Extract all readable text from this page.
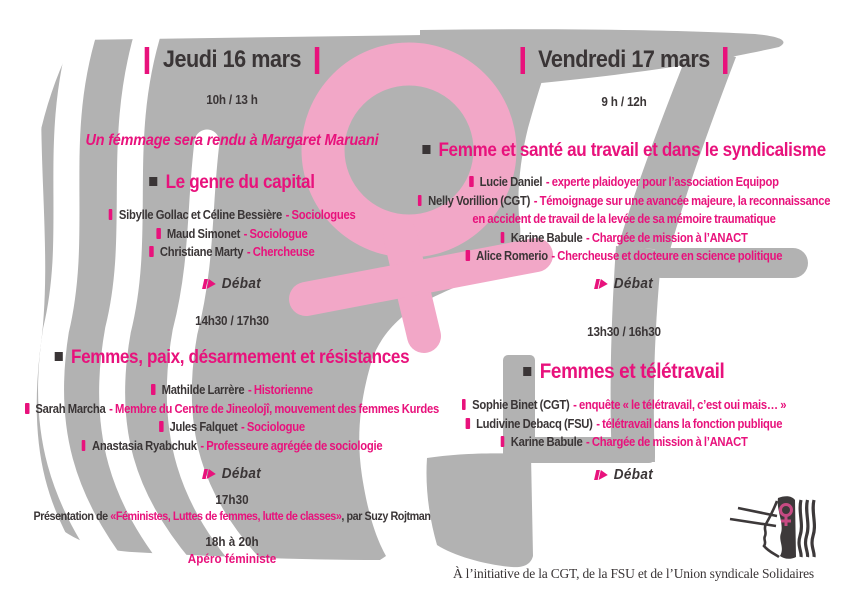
Jeudi 16 mars
10h / 13 h
Un fémmage sera rendu à Margaret Maruani
Le genre du capital
Sibylle Gollac et Céline Bessière - Sociologues
Maud Simonet - Sociologue
Christiane Marty - Chercheuse
Débat
14h30 / 17h30
Femmes, paix, désarmement et résistances
Mathilde Larrère - Historienne
Sarah Marcha - Membre du Centre de Jineolojî, mouvement des femmes Kurdes
Jules Falquet - Sociologue
Anastasia Ryabchuk - Professeure agrégée de sociologie
Débat
17h30
Présentation de «Féministes, Luttes de femmes, lutte de classes», par Suzy Rojtman
18h à 20h
Apéro féministe
Vendredi 17 mars
9 h / 12h
Femme et santé au travail et dans le syndicalisme
Lucie Daniel - experte plaidoyer pour l’association Equipop
Nelly Vorillion (CGT) - Témoignage sur une avancée majeure, la reconnaissance en accident de travail de la levée de sa mémoire traumatique
Karine Babule - Chargée de mission à l’ANACT
Alice Romerio - Chercheuse et docteure en science politique
Débat
13h30 / 16h30
Femmes et télétravail
Sophie Binet (CGT) - enquête « le télétravail, c’est oui mais… »
Ludivine Debacq (FSU) - télétravail dans la fonction publique
Karine Babule - Chargée de mission à l’ANACT
Débat
À l’initiative de la CGT, de la FSU et de l’Union syndicale Solidaires
